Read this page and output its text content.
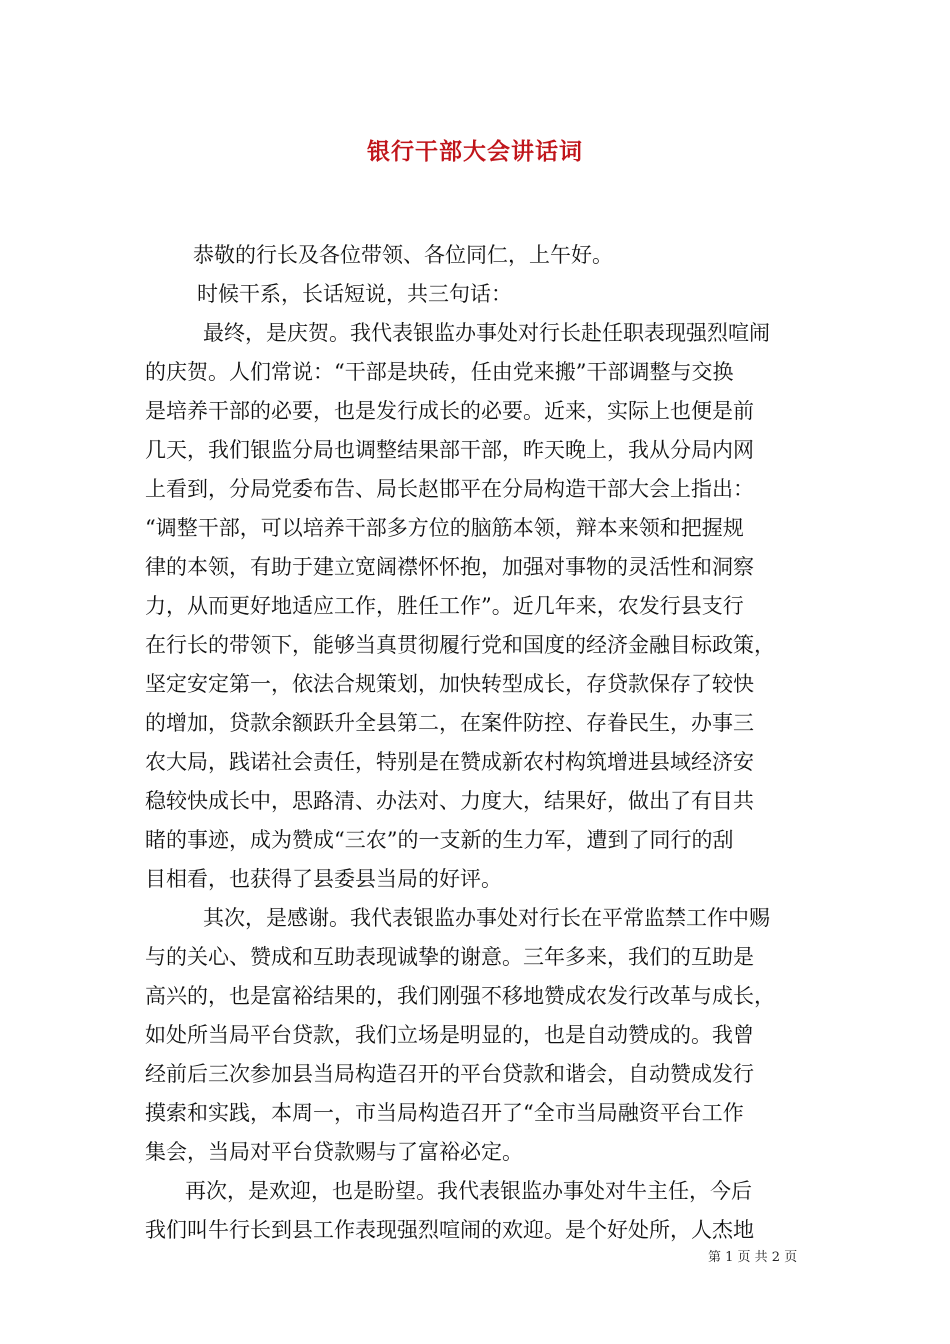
银行干部大会讲话词
恭敬的行长及各位带领、各位同仁，上午好。
时候干系，长话短说，共三句话：
最终，是庆贺。我代表银监办事处对行长赴任职表现强烈喧闹
的庆贺。人们常说：“干部是块砖，任由党来搬”干部调整与交换
是培养干部的必要，也是发行成长的必要。近来，实际上也便是前
几天，我们银监分局也调整结果部干部，昨天晚上，我从分局内网
上看到，分局党委布告、局长赵邯平在分局构造干部大会上指出：
“调整干部，可以培养干部多方位的脑筋本领，辩本来领和把握规
律的本领，有助于建立宽阔襟怀怀抱，加强对事物的灵活性和洞察
力，从而更好地适应工作，胜任工作”。近几年来，农发行县支行
在行长的带领下，能够当真贯彻履行党和国度的经济金融目标政策，
坚定安定第一，依法合规策划，加快转型成长，存贷款保存了较快
的增加，贷款余额跃升全县第二，在案件防控、存眷民生，办事三
农大局，践诺社会责任，特别是在赞成新农村构筑增进县域经济安
稳较快成长中，思路清、办法对、力度大，结果好，做出了有目共
睹的事迹，成为赞成“三农”的一支新的生力军，遭到了同行的刮
目相看，也获得了县委县当局的好评。
其次，是感谢。我代表银监办事处对行长在平常监禁工作中赐
与的关心、赞成和互助表现诚挚的谢意。三年多来，我们的互助是
高兴的，也是富裕结果的，我们刚强不移地赞成农发行改革与成长，
如处所当局平台贷款，我们立场是明显的，也是自动赞成的。我曾
经前后三次参加县当局构造召开的平台贷款和谐会，自动赞成发行
摸索和实践，本周一，市当局构造召开了“全市当局融资平台工作
集会，当局对平台贷款赐与了富裕必定。
再次，是欢迎，也是盼望。我代表银监办事处对牛主任，今后
我们叫牛行长到县工作表现强烈喧闹的欢迎。是个好处所，人杰地
第 1 页 共 2 页
